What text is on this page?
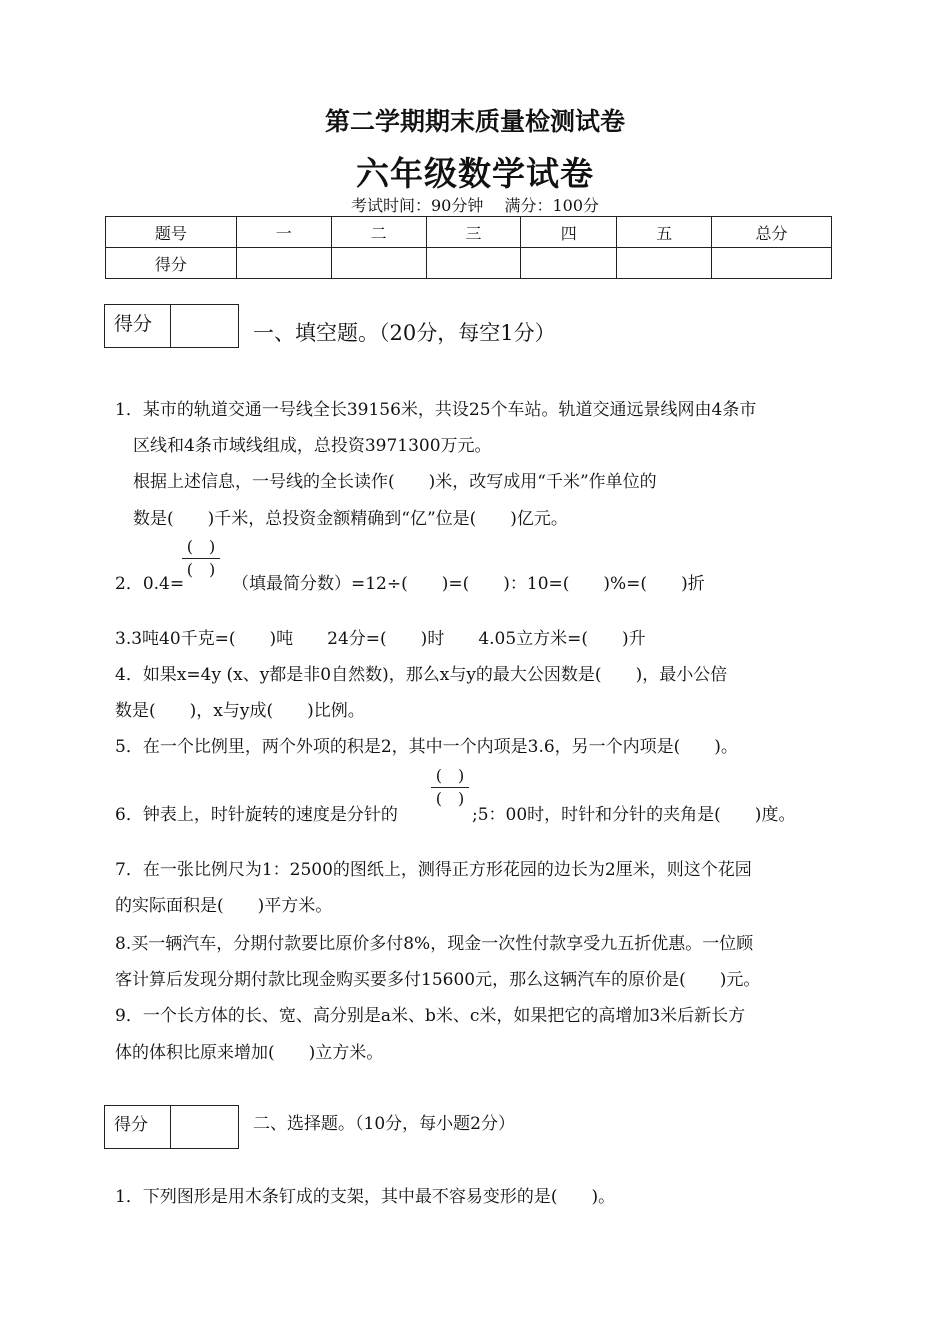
第二学期期末质量检测试卷
六年级数学试卷
考试时间：90分钟 满分：100分
题号	一	二	三	四	五	总分
得分						
得分	一、填空题。（20分，每空1分）
1．某市的轨道交通一号线全长39156米，共设25个车站。轨道交通远景线网由4条市
区线和4条市域线组成，总投资3971300万元。
根据上述信息，一号线的全长读作(　　)米，改写成用“千米”作单位的
数是(　　)千米，总投资金额精确到“亿”位是(　　)亿元。
2．0.4=
(　)
(　)
（填最简分数）=12÷(　　)=(　　)：10=(　　)%=(　　)折
3.3吨40千克=(　　)吨　　24分=(　　)时　　4.05立方米=(　　)升
4．如果x=4y (x、y都是非0自然数)，那么x与y的最大公因数是(　　)，最小公倍
数是(　　)，x与y成(　　)比例。
5．在一个比例里，两个外项的积是2，其中一个内项是3.6，另一个内项是(　　)。
6．钟表上，时针旋转的速度是分针的
(　)
(　)
;5：00时，时针和分针的夹角是(　　)度。
7．在一张比例尺为1：2500的图纸上，测得正方形花园的边长为2厘米，则这个花园
的实际面积是(　　)平方米。
8.买一辆汽车，分期付款要比原价多付8%，现金一次性付款享受九五折优惠。一位顾
客计算后发现分期付款比现金购买要多付15600元，那么这辆汽车的原价是(　　)元。
9．一个长方体的长、宽、高分别是a米、b米、c米，如果把它的高增加3米后新长方
体的体积比原来增加(　　)立方米。
得分	二、选择题。（10分，每小题2分）
1．下列图形是用木条钉成的支架，其中最不容易变形的是(　　)。
